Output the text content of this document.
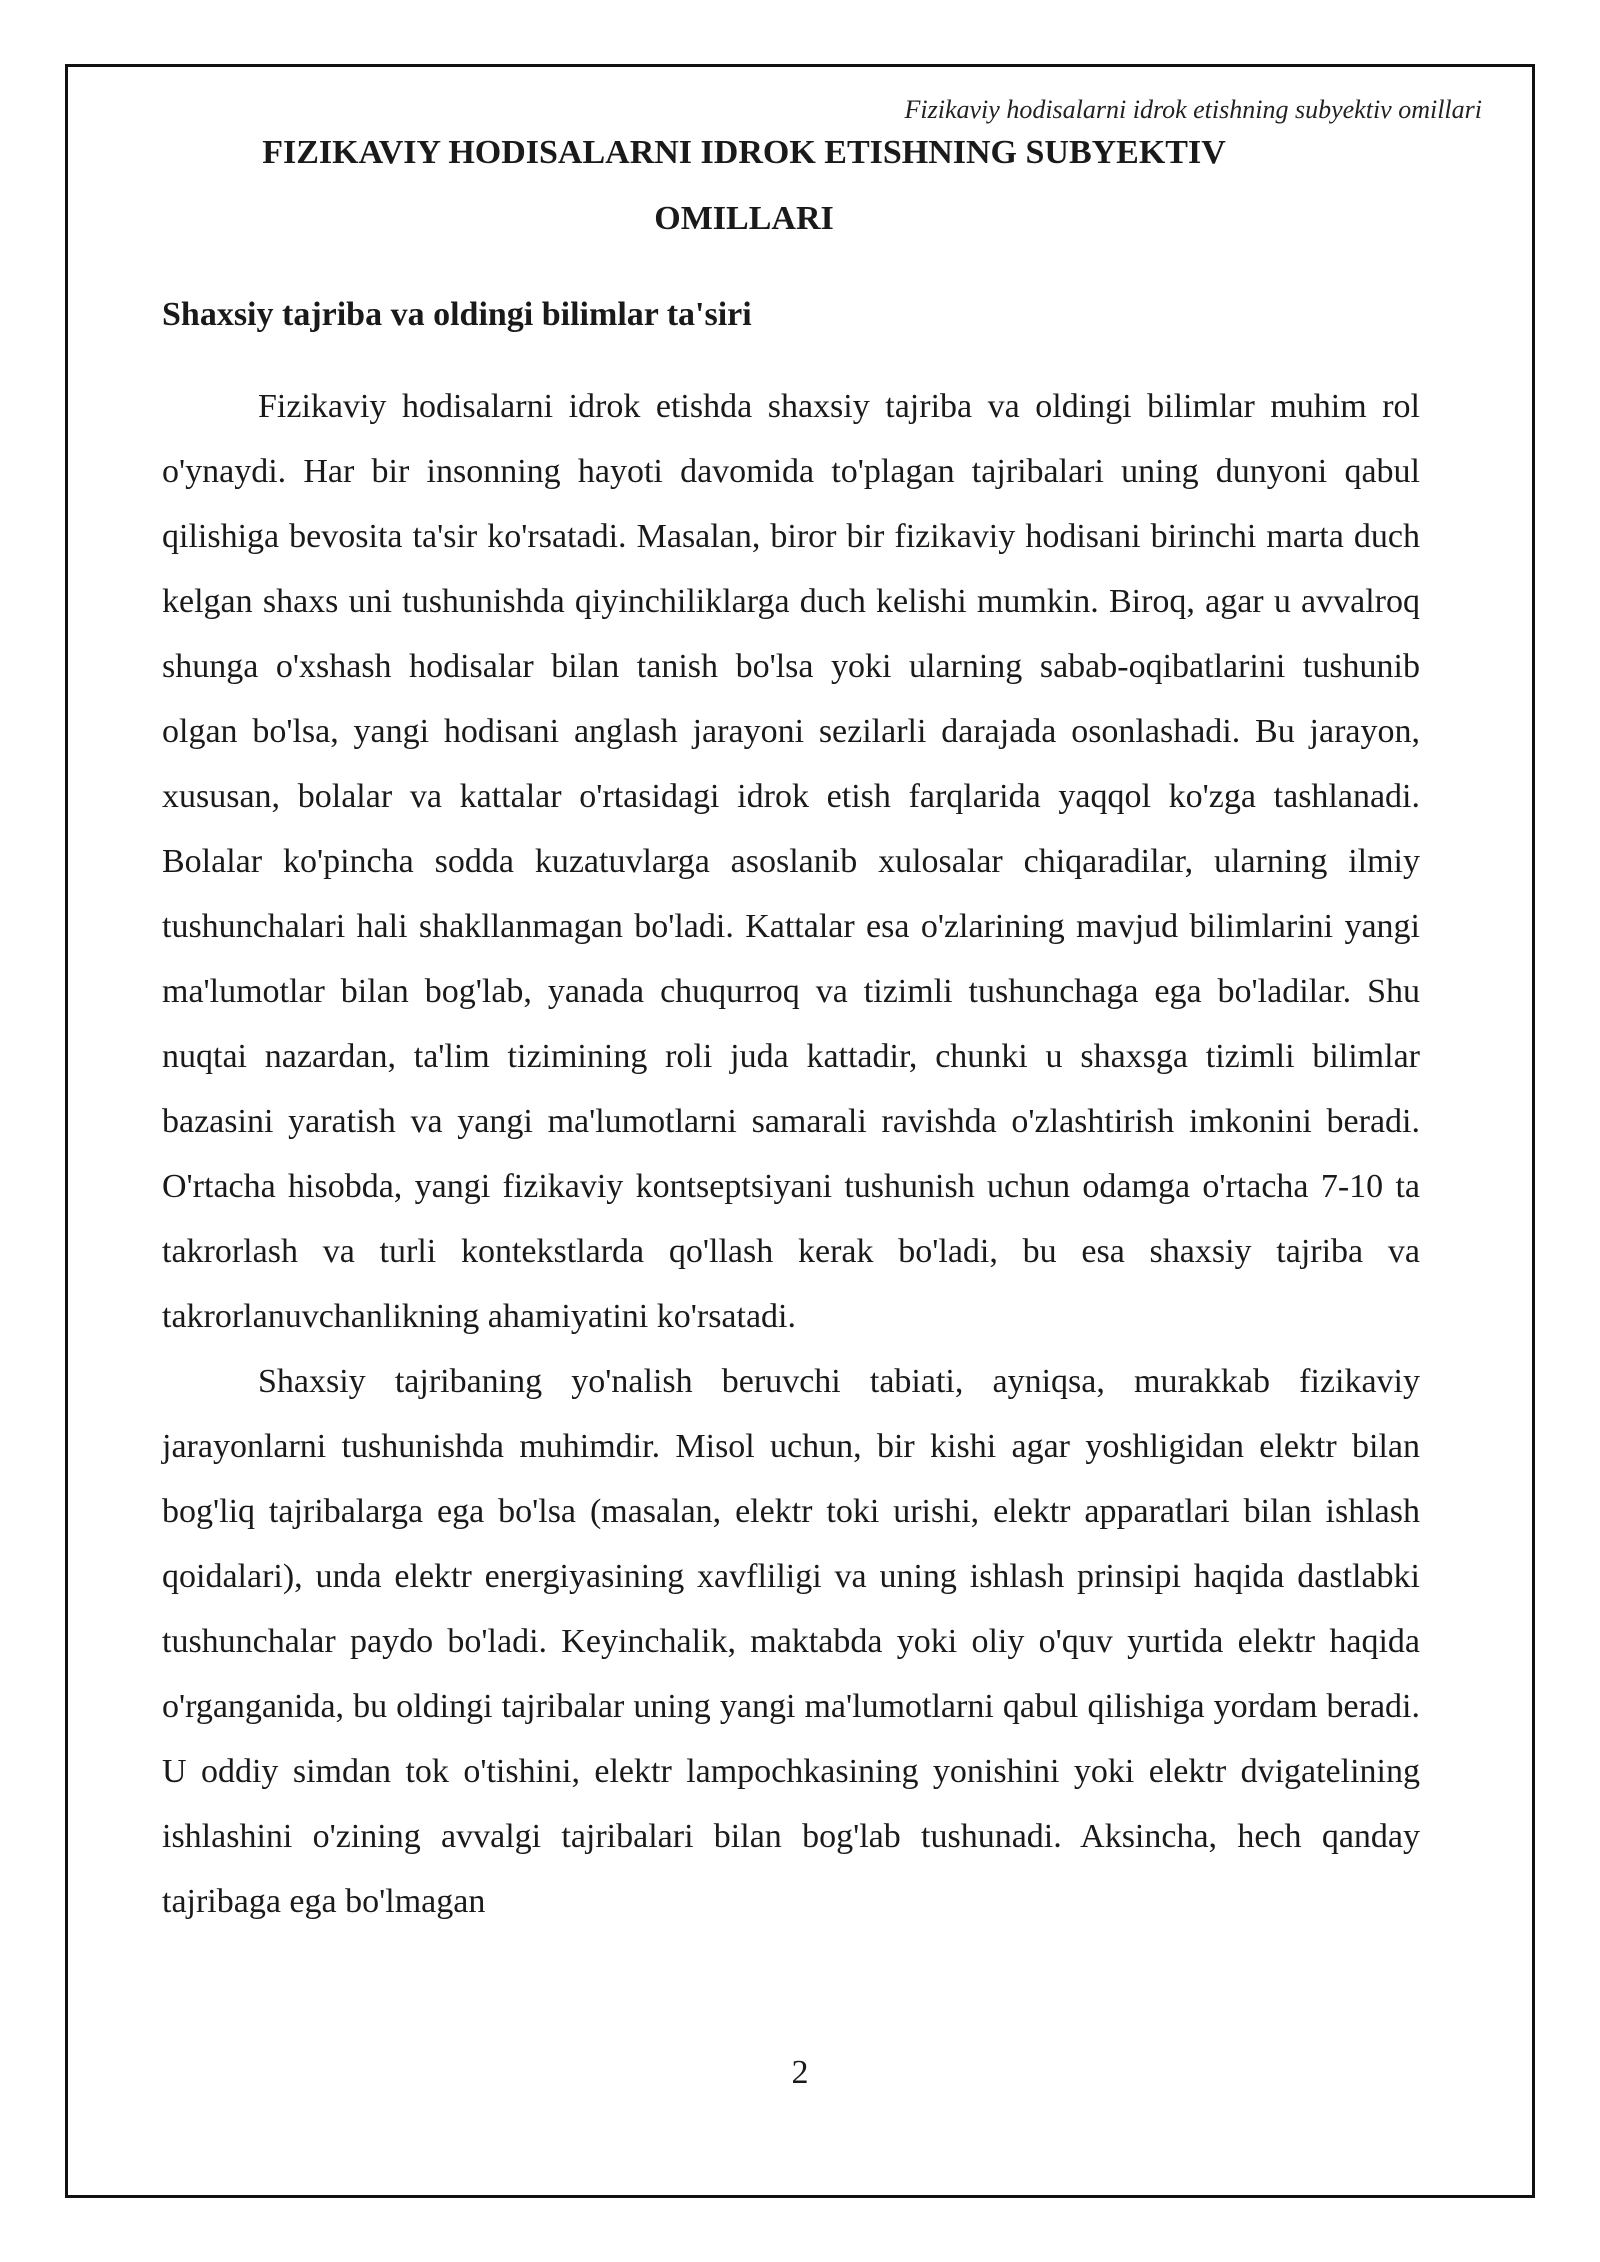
Fizikaviy hodisalarni idrok etishning subyektiv omillari
FIZIKAVIY HODISALARNI IDROK ETISHNING SUBYEKTIV
OMILLARI
Shaxsiy tajriba va oldingi bilimlar ta'siri

Fizikaviy hodisalarni idrok etishda shaxsiy tajriba va oldingi bilimlar muhim rol o'ynaydi. Har bir insonning hayoti davomida to'plagan tajribalari uning dunyoni qabul qilishiga bevosita ta'sir ko'rsatadi. Masalan, biror bir fizikaviy hodisani birinchi marta duch kelgan shaxs uni tushunishda qiyinchiliklarga duch kelishi mumkin. Biroq, agar u avvalroq shunga o'xshash hodisalar bilan tanish bo'lsa yoki ularning sabab-oqibatlarini tushunib olgan bo'lsa, yangi hodisani anglash jarayoni sezilarli darajada osonlashadi. Bu jarayon, xususan, bolalar va kattalar o'rtasidagi idrok etish farqlarida yaqqol ko'zga tashlanadi. Bolalar ko'pincha sodda kuzatuvlarga asoslanib xulosalar chiqaradilar, ularning ilmiy tushunchalari hali shakllanmagan bo'ladi. Kattalar esa o'zlarining mavjud bilimlarini yangi ma'lumotlar bilan bog'lab, yanada chuqurroq va tizimli tushunchaga ega bo'ladilar. Shu nuqtai nazardan, ta'lim tizimining roli juda kattadir, chunki u shaxsga tizimli bilimlar bazasini yaratish va yangi ma'lumotlarni samarali ravishda o'zlashtirish imkonini beradi. O'rtacha hisobda, yangi fizikaviy kontseptsiyani tushunish uchun odamga o'rtacha 7-10 ta takrorlash va turli kontekstlarda qo'llash kerak bo'ladi, bu esa shaxsiy tajriba va takrorlanuvchanlikning ahamiyatini ko'rsatadi.

Shaxsiy tajribaning yo'nalish beruvchi tabiati, ayniqsa, murakkab fizikaviy jarayonlarni tushunishda muhimdir. Misol uchun, bir kishi agar yoshligidan elektr bilan bog'liq tajribalarga ega bo'lsa (masalan, elektr toki urishi, elektr apparatlari bilan ishlash qoidalari), unda elektr energiyasining xavfliligi va uning ishlash prinsipi haqida dastlabki tushunchalar paydo bo'ladi. Keyinchalik, maktabda yoki oliy o'quv yurtida elektr haqida o'rganganida, bu oldingi tajribalar uning yangi ma'lumotlarni qabul qilishiga yordam beradi. U oddiy simdan tok o'tishini, elektr lampochkasining yonishini yoki elektr dvigatelining ishlashini o'zining avvalgi tajribalari bilan bog'lab tushunadi. Aksincha, hech qanday tajribaga ega bo'lmagan

2
